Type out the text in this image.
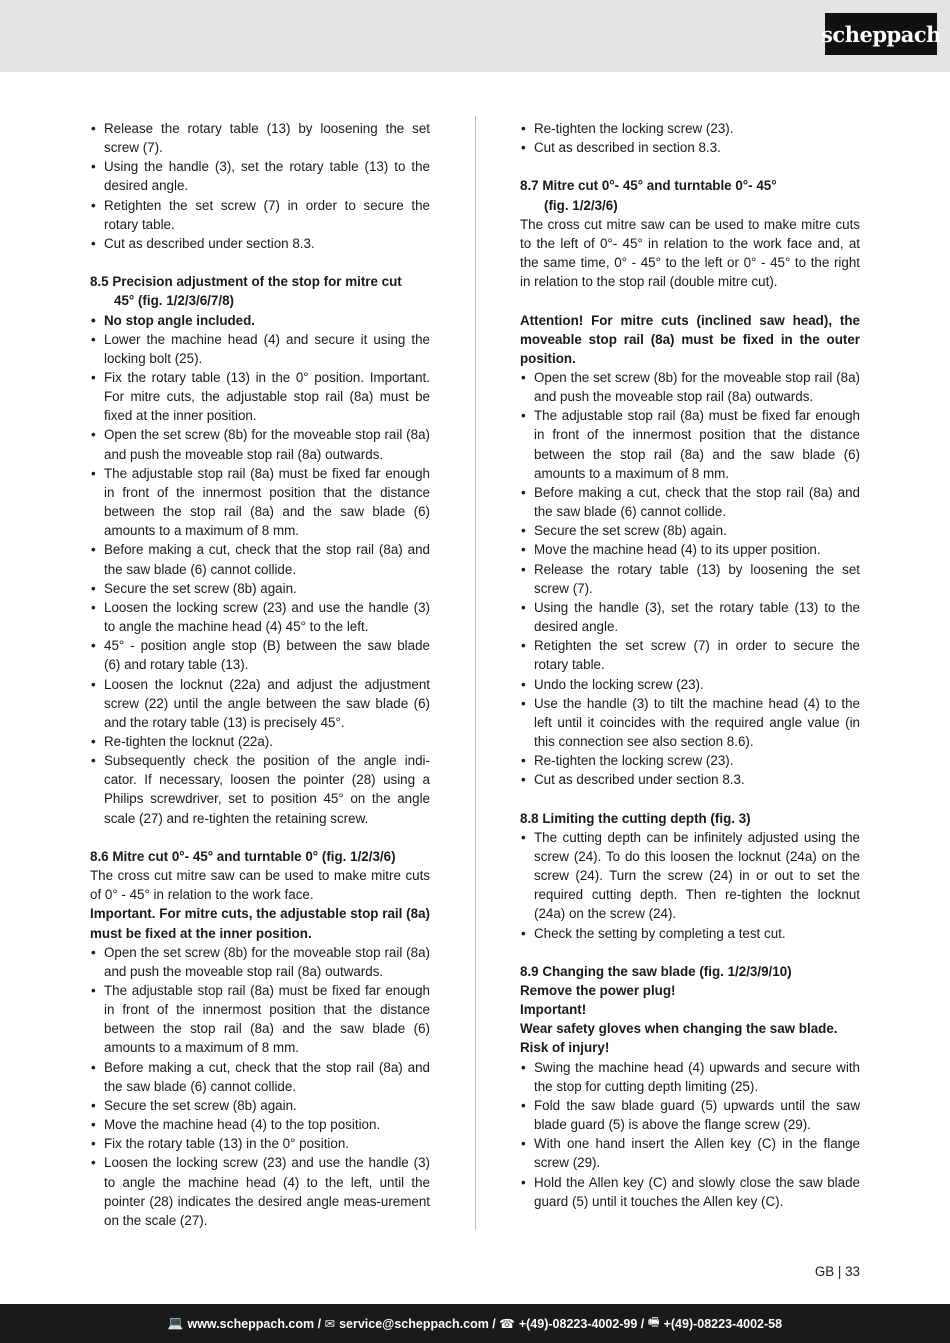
scheppach
• Release the rotary table (13) by loosening the set screw (7).
• Using the handle (3), set the rotary table (13) to the desired angle.
• Retighten the set screw (7) in order to secure the rotary table.
• Cut as described under section 8.3.
8.5 Precision adjustment of the stop for mitre cut
45° (fig. 1/2/3/6/7/8)
• No stop angle included.
• Lower the machine head (4) and secure it using the locking bolt (25).
• Fix the rotary table (13) in the 0° position. Important. For mitre cuts, the adjustable stop rail (8a) must be fixed at the inner position.
• Open the set screw (8b) for the moveable stop rail (8a) and push the moveable stop rail (8a) outwards.
• The adjustable stop rail (8a) must be fixed far enough in front of the innermost position that the distance between the stop rail (8a) and the saw blade (6) amounts to a maximum of 8 mm.
• Before making a cut, check that the stop rail (8a) and the saw blade (6) cannot collide.
• Secure the set screw (8b) again.
• Loosen the locking screw (23) and use the handle (3) to angle the machine head (4) 45° to the left.
• 45° - position angle stop (B) between the saw blade (6) and rotary table (13).
• Loosen the locknut (22a) and adjust the adjustment screw (22) until the angle between the saw blade (6) and the rotary table (13) is precisely 45°.
• Re-tighten the locknut (22a).
• Subsequently check the position of the angle indi-cator. If necessary, loosen the pointer (28) using a Philips screwdriver, set to position 45° on the angle scale (27) and re-tighten the retaining screw.
8.6 Mitre cut 0°- 45° and turntable 0° (fig. 1/2/3/6)
The cross cut mitre saw can be used to make mitre cuts of 0° - 45° in relation to the work face.
Important. For mitre cuts, the adjustable stop rail (8a) must be fixed at the inner position.
• Open the set screw (8b) for the moveable stop rail (8a) and push the moveable stop rail (8a) outwards.
• The adjustable stop rail (8a) must be fixed far enough in front of the innermost position that the distance between the stop rail (8a) and the saw blade (6) amounts to a maximum of 8 mm.
• Before making a cut, check that the stop rail (8a) and the saw blade (6) cannot collide.
• Secure the set screw (8b) again.
• Move the machine head (4) to the top position.
• Fix the rotary table (13) in the 0° position.
• Loosen the locking screw (23) and use the handle (3) to angle the machine head (4) to the left, until the pointer (28) indicates the desired angle meas-urement on the scale (27).
• Re-tighten the locking screw (23).
• Cut as described in section 8.3.
8.7 Mitre cut 0°- 45° and turntable 0°- 45°
(fig. 1/2/3/6)
The cross cut mitre saw can be used to make mitre cuts to the left of 0°- 45° in relation to the work face and, at the same time, 0° - 45° to the left or 0° - 45° to the right in relation to the stop rail (double mitre cut).
Attention! For mitre cuts (inclined saw head), the moveable stop rail (8a) must be fixed in the outer position.
• Open the set screw (8b) for the moveable stop rail (8a) and push the moveable stop rail (8a) outwards.
• The adjustable stop rail (8a) must be fixed far enough in front of the innermost position that the distance between the stop rail (8a) and the saw blade (6) amounts to a maximum of 8 mm.
• Before making a cut, check that the stop rail (8a) and the saw blade (6) cannot collide.
• Secure the set screw (8b) again.
• Move the machine head (4) to its upper position.
• Release the rotary table (13) by loosening the set screw (7).
• Using the handle (3), set the rotary table (13) to the desired angle.
• Retighten the set screw (7) in order to secure the rotary table.
• Undo the locking screw (23).
• Use the handle (3) to tilt the machine head (4) to the left until it coincides with the required angle value (in this connection see also section 8.6).
• Re-tighten the locking screw (23).
• Cut as described under section 8.3.
8.8 Limiting the cutting depth (fig. 3)
• The cutting depth can be infinitely adjusted using the screw (24). To do this loosen the locknut (24a) on the screw (24). Turn the screw (24) in or out to set the required cutting depth. Then re-tighten the locknut (24a) on the screw (24).
• Check the setting by completing a test cut.
8.9 Changing the saw blade (fig. 1/2/3/9/10)
Remove the power plug!
Important!
Wear safety gloves when changing the saw blade.
Risk of injury!
• Swing the machine head (4) upwards and secure with the stop for cutting depth limiting (25).
• Fold the saw blade guard (5) upwards until the saw blade guard (5) is above the flange screw (29).
• With one hand insert the Allen key (C) in the flange screw (29).
• Hold the Allen key (C) and slowly close the saw blade guard (5) until it touches the Allen key (C).
GB | 33
💻 www.scheppach.com /
✉ service@scheppach.com /
☎ +(49)-08223-4002-99 /
🖷 +(49)-08223-4002-58
